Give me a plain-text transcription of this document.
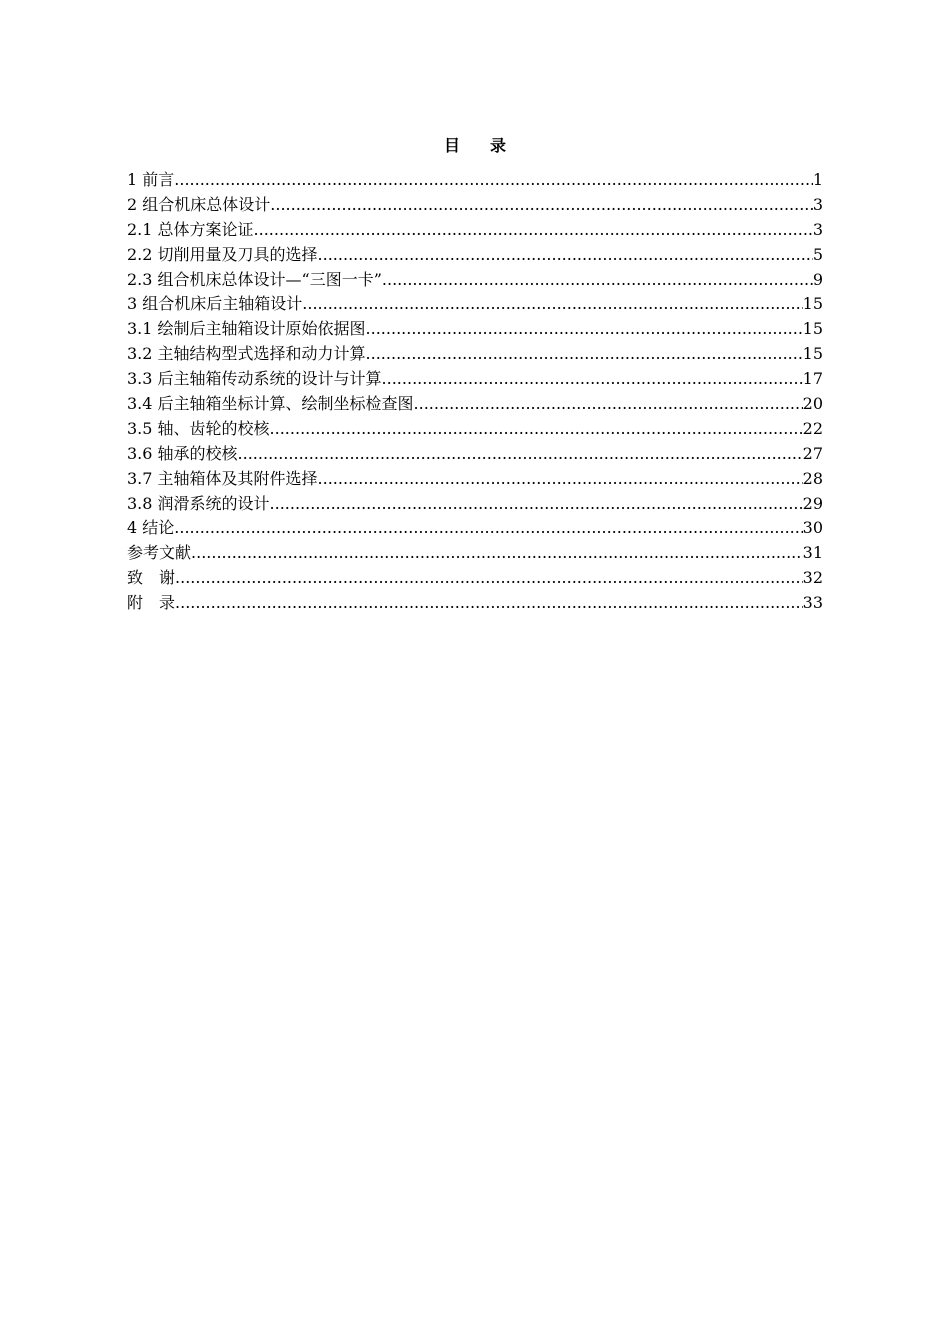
目 录
1 前言 .....	1
2 组合机床总体设计 .....	3
2.1 总体方案论证 .....	3
2.2 切削用量及刀具的选择 .....	5
2.3 组合机床总体设计—“三图一卡” .....	9
3 组合机床后主轴箱设计 .....	15
3.1 绘制后主轴箱设计原始依据图 .....	15
3.2 主轴结构型式选择和动力计算 .....	15
3.3 后主轴箱传动系统的设计与计算 .....	17
3.4 后主轴箱坐标计算、绘制坐标检查图 .....	20
3.5 轴、齿轮的校核 .....	22
3.6 轴承的校核 .....	27
3.7 主轴箱体及其附件选择 .....	28
3.8 润滑系统的设计 .....	29
4 结论 .....	30
参考文献 .....	31
致　谢 .....	32
附　录 .....	33
